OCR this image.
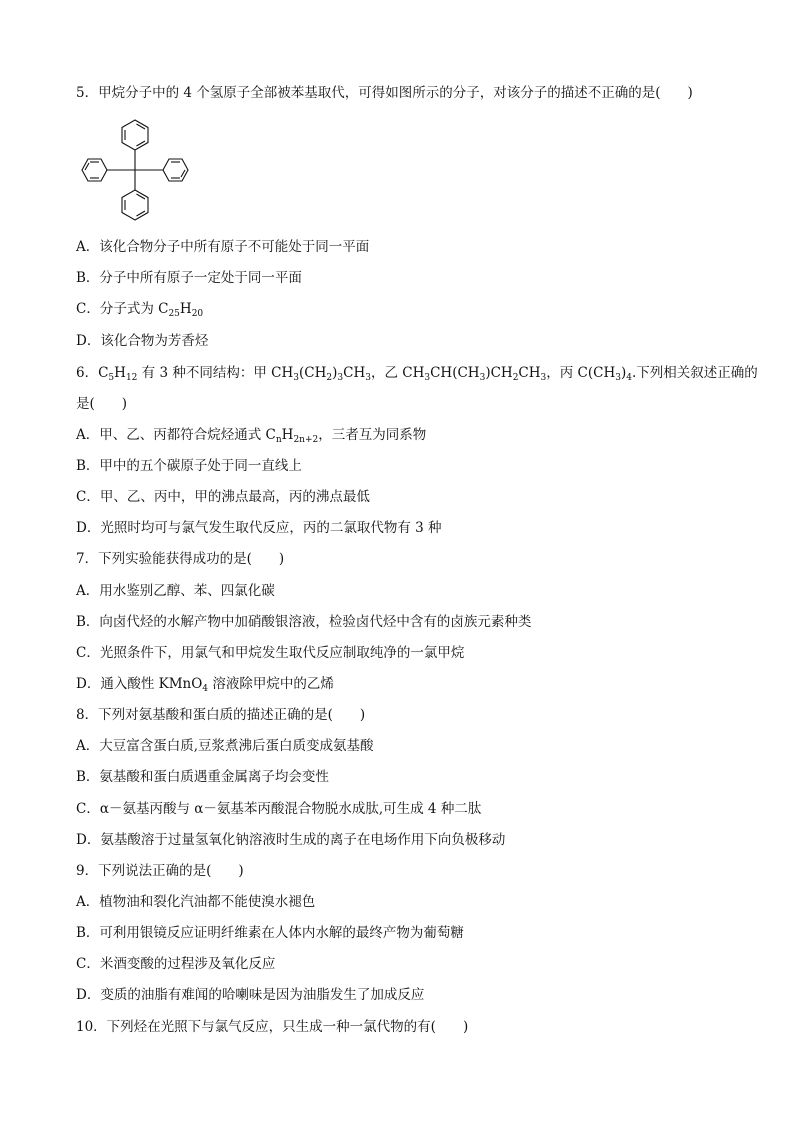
5．甲烷分子中的 4 个氢原子全部被苯基取代，可得如图所示的分子，对该分子的描述不正确的是(　　)
A．该化合物分子中所有原子不可能处于同一平面
B．分子中所有原子一定处于同一平面
C．分子式为 $C_{25}H_{20}$
D．该化合物为芳香烃
6．$C_5H_{12}$ 有 3 种不同结构：甲 $CH_3(CH_2)_3CH_3$，乙 $CH_3CH(CH_3)CH_2CH_3$，丙 $C(CH_3)_4$.下列相关叙述正确的
是(　　)
A．甲、乙、丙都符合烷烃通式 $C_nH_{2n+2}$，三者互为同系物
B．甲中的五个碳原子处于同一直线上
C．甲、乙、丙中，甲的沸点最高，丙的沸点最低
D．光照时均可与氯气发生取代反应，丙的二氯取代物有 3 种
7．下列实验能获得成功的是(　　)
A．用水鉴别乙醇、苯、四氯化碳
B．向卤代烃的水解产物中加硝酸银溶液，检验卤代烃中含有的卤族元素种类
C．光照条件下，用氯气和甲烷发生取代反应制取纯净的一氯甲烷
D．通入酸性 KMnO$_4$ 溶液除甲烷中的乙烯
8．下列对氨基酸和蛋白质的描述正确的是(　　)
A．大豆富含蛋白质,豆浆煮沸后蛋白质变成氨基酸
B．氨基酸和蛋白质遇重金属离子均会变性
C．α－氨基丙酸与 α－氨基苯丙酸混合物脱水成肽,可生成 4 种二肽
D．氨基酸溶于过量氢氧化钠溶液时生成的离子在电场作用下向负极移动
9．下列说法正确的是(　　)
A．植物油和裂化汽油都不能使溴水褪色
B．可利用银镜反应证明纤维素在人体内水解的最终产物为葡萄糖
C．米酒变酸的过程涉及氧化反应
D．变质的油脂有难闻的哈喇味是因为油脂发生了加成反应
10．下列烃在光照下与氯气反应，只生成一种一氯代物的有(　　)
